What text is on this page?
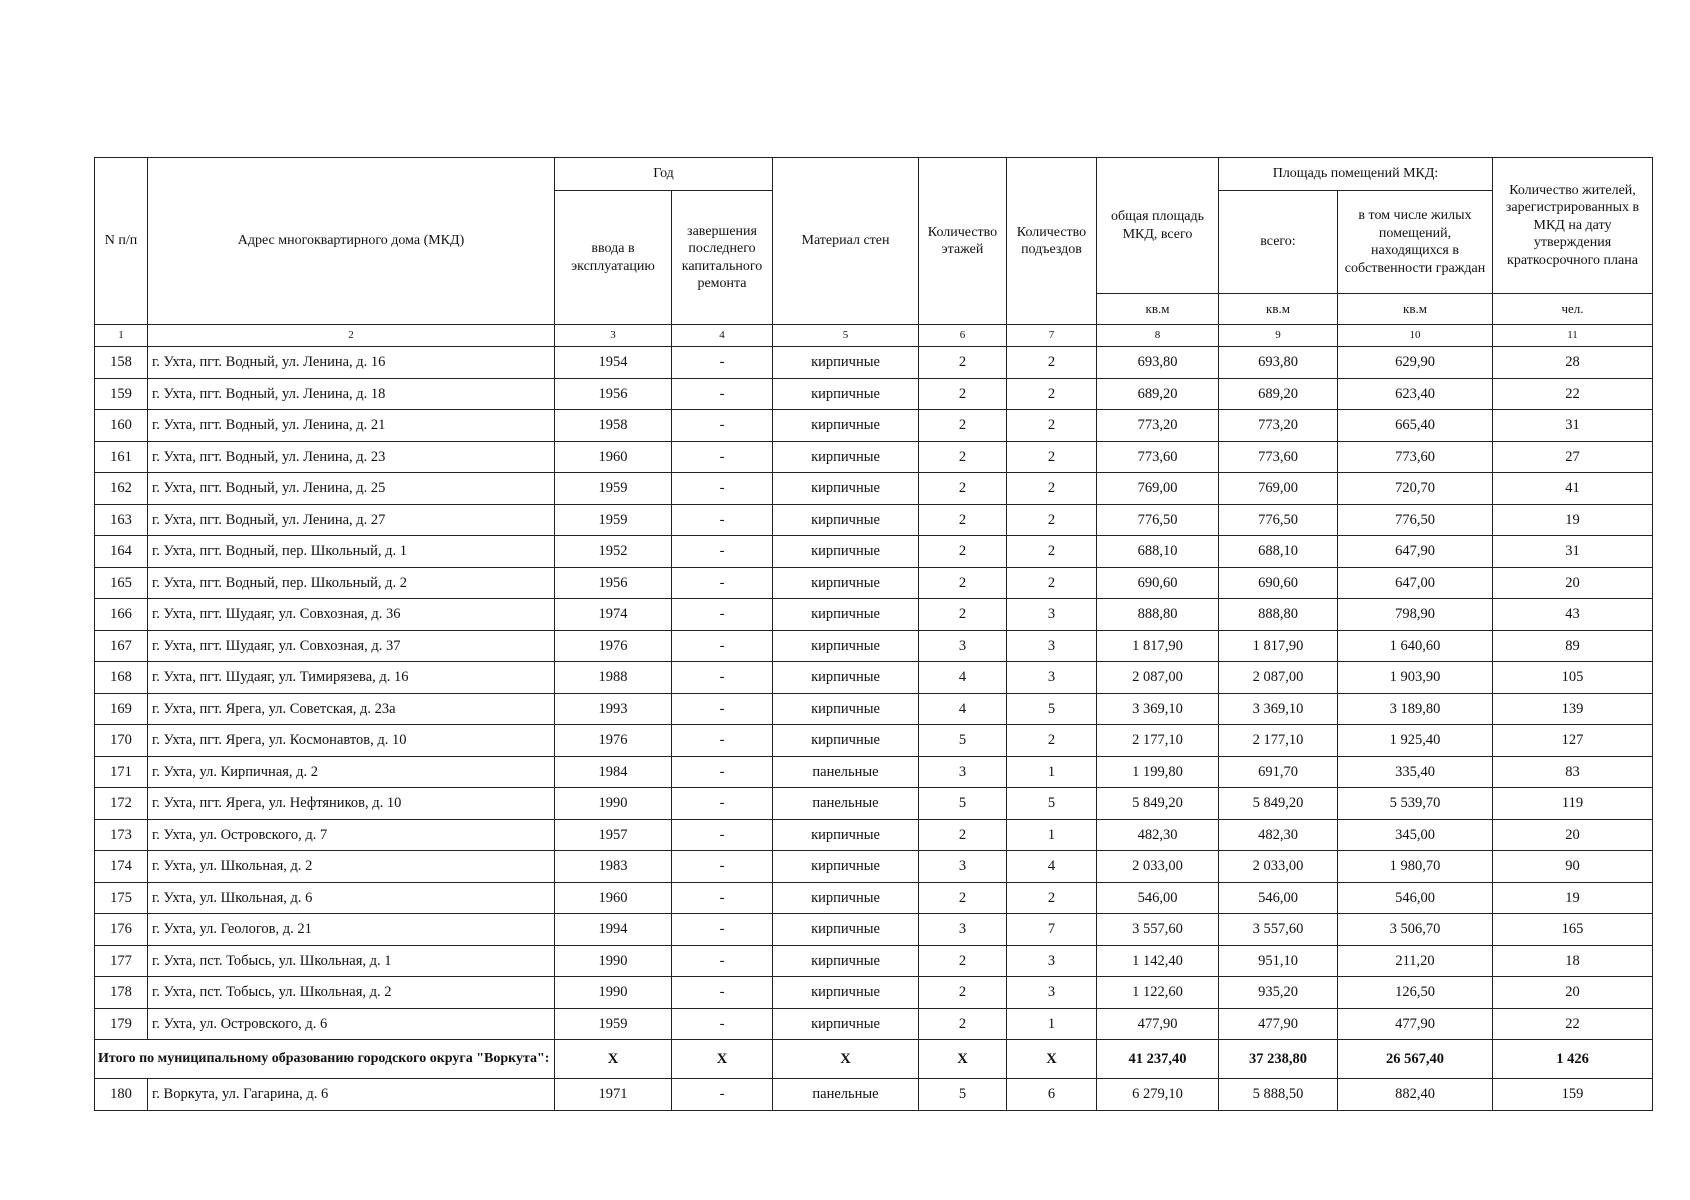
N п/п	Адрес многоквартирного дома (МКД)	Год		Материал стен	Количество этажей	Количество подъездов	общая площадь МКД, всего	Площадь помещений МКД:		Количество жителей, зарегистрированных в МКД на дату утверждения краткосрочного плана
		ввода в эксплуатацию	завершения последнего капитального ремонта					всего:	в том числе жилых помещений, находящихся в собственности граждан	
							кв.м	кв.м	кв.м	чел.
1	2	3	4	5	6	7	8	9	10	11
158	г. Ухта, пгт. Водный, ул. Ленина, д. 16	1954	-	кирпичные	2	2	693,80	693,80	629,90	28
159	г. Ухта, пгт. Водный, ул. Ленина, д. 18	1956	-	кирпичные	2	2	689,20	689,20	623,40	22
160	г. Ухта, пгт. Водный, ул. Ленина, д. 21	1958	-	кирпичные	2	2	773,20	773,20	665,40	31
161	г. Ухта, пгт. Водный, ул. Ленина, д. 23	1960	-	кирпичные	2	2	773,60	773,60	773,60	27
162	г. Ухта, пгт. Водный, ул. Ленина, д. 25	1959	-	кирпичные	2	2	769,00	769,00	720,70	41
163	г. Ухта, пгт. Водный, ул. Ленина, д. 27	1959	-	кирпичные	2	2	776,50	776,50	776,50	19
164	г. Ухта, пгт. Водный, пер. Школьный, д. 1	1952	-	кирпичные	2	2	688,10	688,10	647,90	31
165	г. Ухта, пгт. Водный, пер. Школьный, д. 2	1956	-	кирпичные	2	2	690,60	690,60	647,00	20
166	г. Ухта, пгт. Шудаяг, ул. Совхозная, д. 36	1974	-	кирпичные	2	3	888,80	888,80	798,90	43
167	г. Ухта, пгт. Шудаяг, ул. Совхозная, д. 37	1976	-	кирпичные	3	3	1 817,90	1 817,90	1 640,60	89
168	г. Ухта, пгт. Шудаяг, ул. Тимирязева, д. 16	1988	-	кирпичные	4	3	2 087,00	2 087,00	1 903,90	105
169	г. Ухта, пгт. Ярега, ул. Советская, д. 23а	1993	-	кирпичные	4	5	3 369,10	3 369,10	3 189,80	139
170	г. Ухта, пгт. Ярега, ул. Космонавтов, д. 10	1976	-	кирпичные	5	2	2 177,10	2 177,10	1 925,40	127
171	г. Ухта, ул. Кирпичная, д. 2	1984	-	панельные	3	1	1 199,80	691,70	335,40	83
172	г. Ухта, пгт. Ярега, ул. Нефтяников, д. 10	1990	-	панельные	5	5	5 849,20	5 849,20	5 539,70	119
173	г. Ухта, ул. Островского, д. 7	1957	-	кирпичные	2	1	482,30	482,30	345,00	20
174	г. Ухта, ул. Школьная, д. 2	1983	-	кирпичные	3	4	2 033,00	2 033,00	1 980,70	90
175	г. Ухта, ул. Школьная, д. 6	1960	-	кирпичные	2	2	546,00	546,00	546,00	19
176	г. Ухта, ул. Геологов, д. 21	1994	-	кирпичные	3	7	3 557,60	3 557,60	3 506,70	165
177	г. Ухта, пст. Тобысь, ул. Школьная, д. 1	1990	-	кирпичные	2	3	1 142,40	951,10	211,20	18
178	г. Ухта, пст. Тобысь, ул. Школьная, д. 2	1990	-	кирпичные	2	3	1 122,60	935,20	126,50	20
179	г. Ухта, ул. Островского, д. 6	1959	-	кирпичные	2	1	477,90	477,90	477,90	22
Итого по муниципальному образованию городского округа "Воркута":		X	X	X	X	X	41 237,40	37 238,80	26 567,40	1 426
180	г. Воркута, ул. Гагарина, д. 6	1971	-	панельные	5	6	6 279,10	5 888,50	882,40	159
